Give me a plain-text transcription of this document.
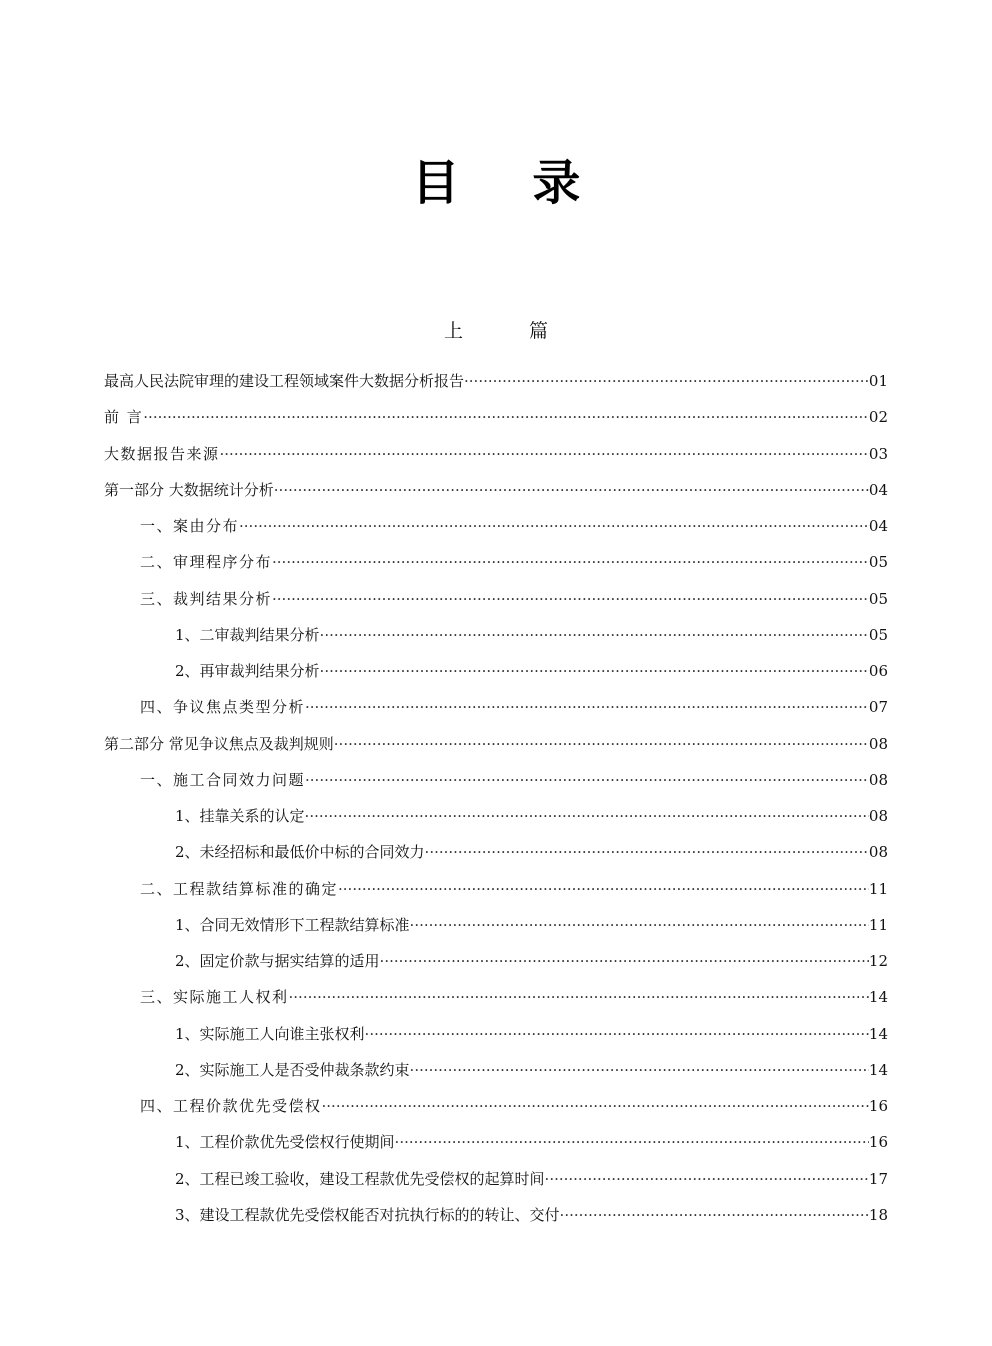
目 录
上 篇
最高人民法院审理的建设工程领域案件大数据分析报告 ·····	01
前 言 ·····	02
大数据报告来源 ·····	03
第一部分 大数据统计分析 ·····	04
一、案由分布 ·····	04
二、审理程序分布 ·····	05
三、裁判结果分析 ·····	05
1、二审裁判结果分析 ·····	05
2、再审裁判结果分析 ·····	06
四、争议焦点类型分析 ·····	07
第二部分 常见争议焦点及裁判规则 ·····	08
一、施工合同效力问题 ·····	08
1、挂靠关系的认定 ·····	08
2、未经招标和最低价中标的合同效力 ·····	08
二、工程款结算标准的确定 ·····	11
1、合同无效情形下工程款结算标准 ·····	11
2、固定价款与据实结算的适用 ·····	12
三、实际施工人权利 ·····	14
1、实际施工人向谁主张权利 ·····	14
2、实际施工人是否受仲裁条款约束 ·····	14
四、工程价款优先受偿权 ·····	16
1、工程价款优先受偿权行使期间 ·····	16
2、工程已竣工验收，建设工程款优先受偿权的起算时间 ·····	17
3、建设工程款优先受偿权能否对抗执行标的的转让、交付 ·····	18
